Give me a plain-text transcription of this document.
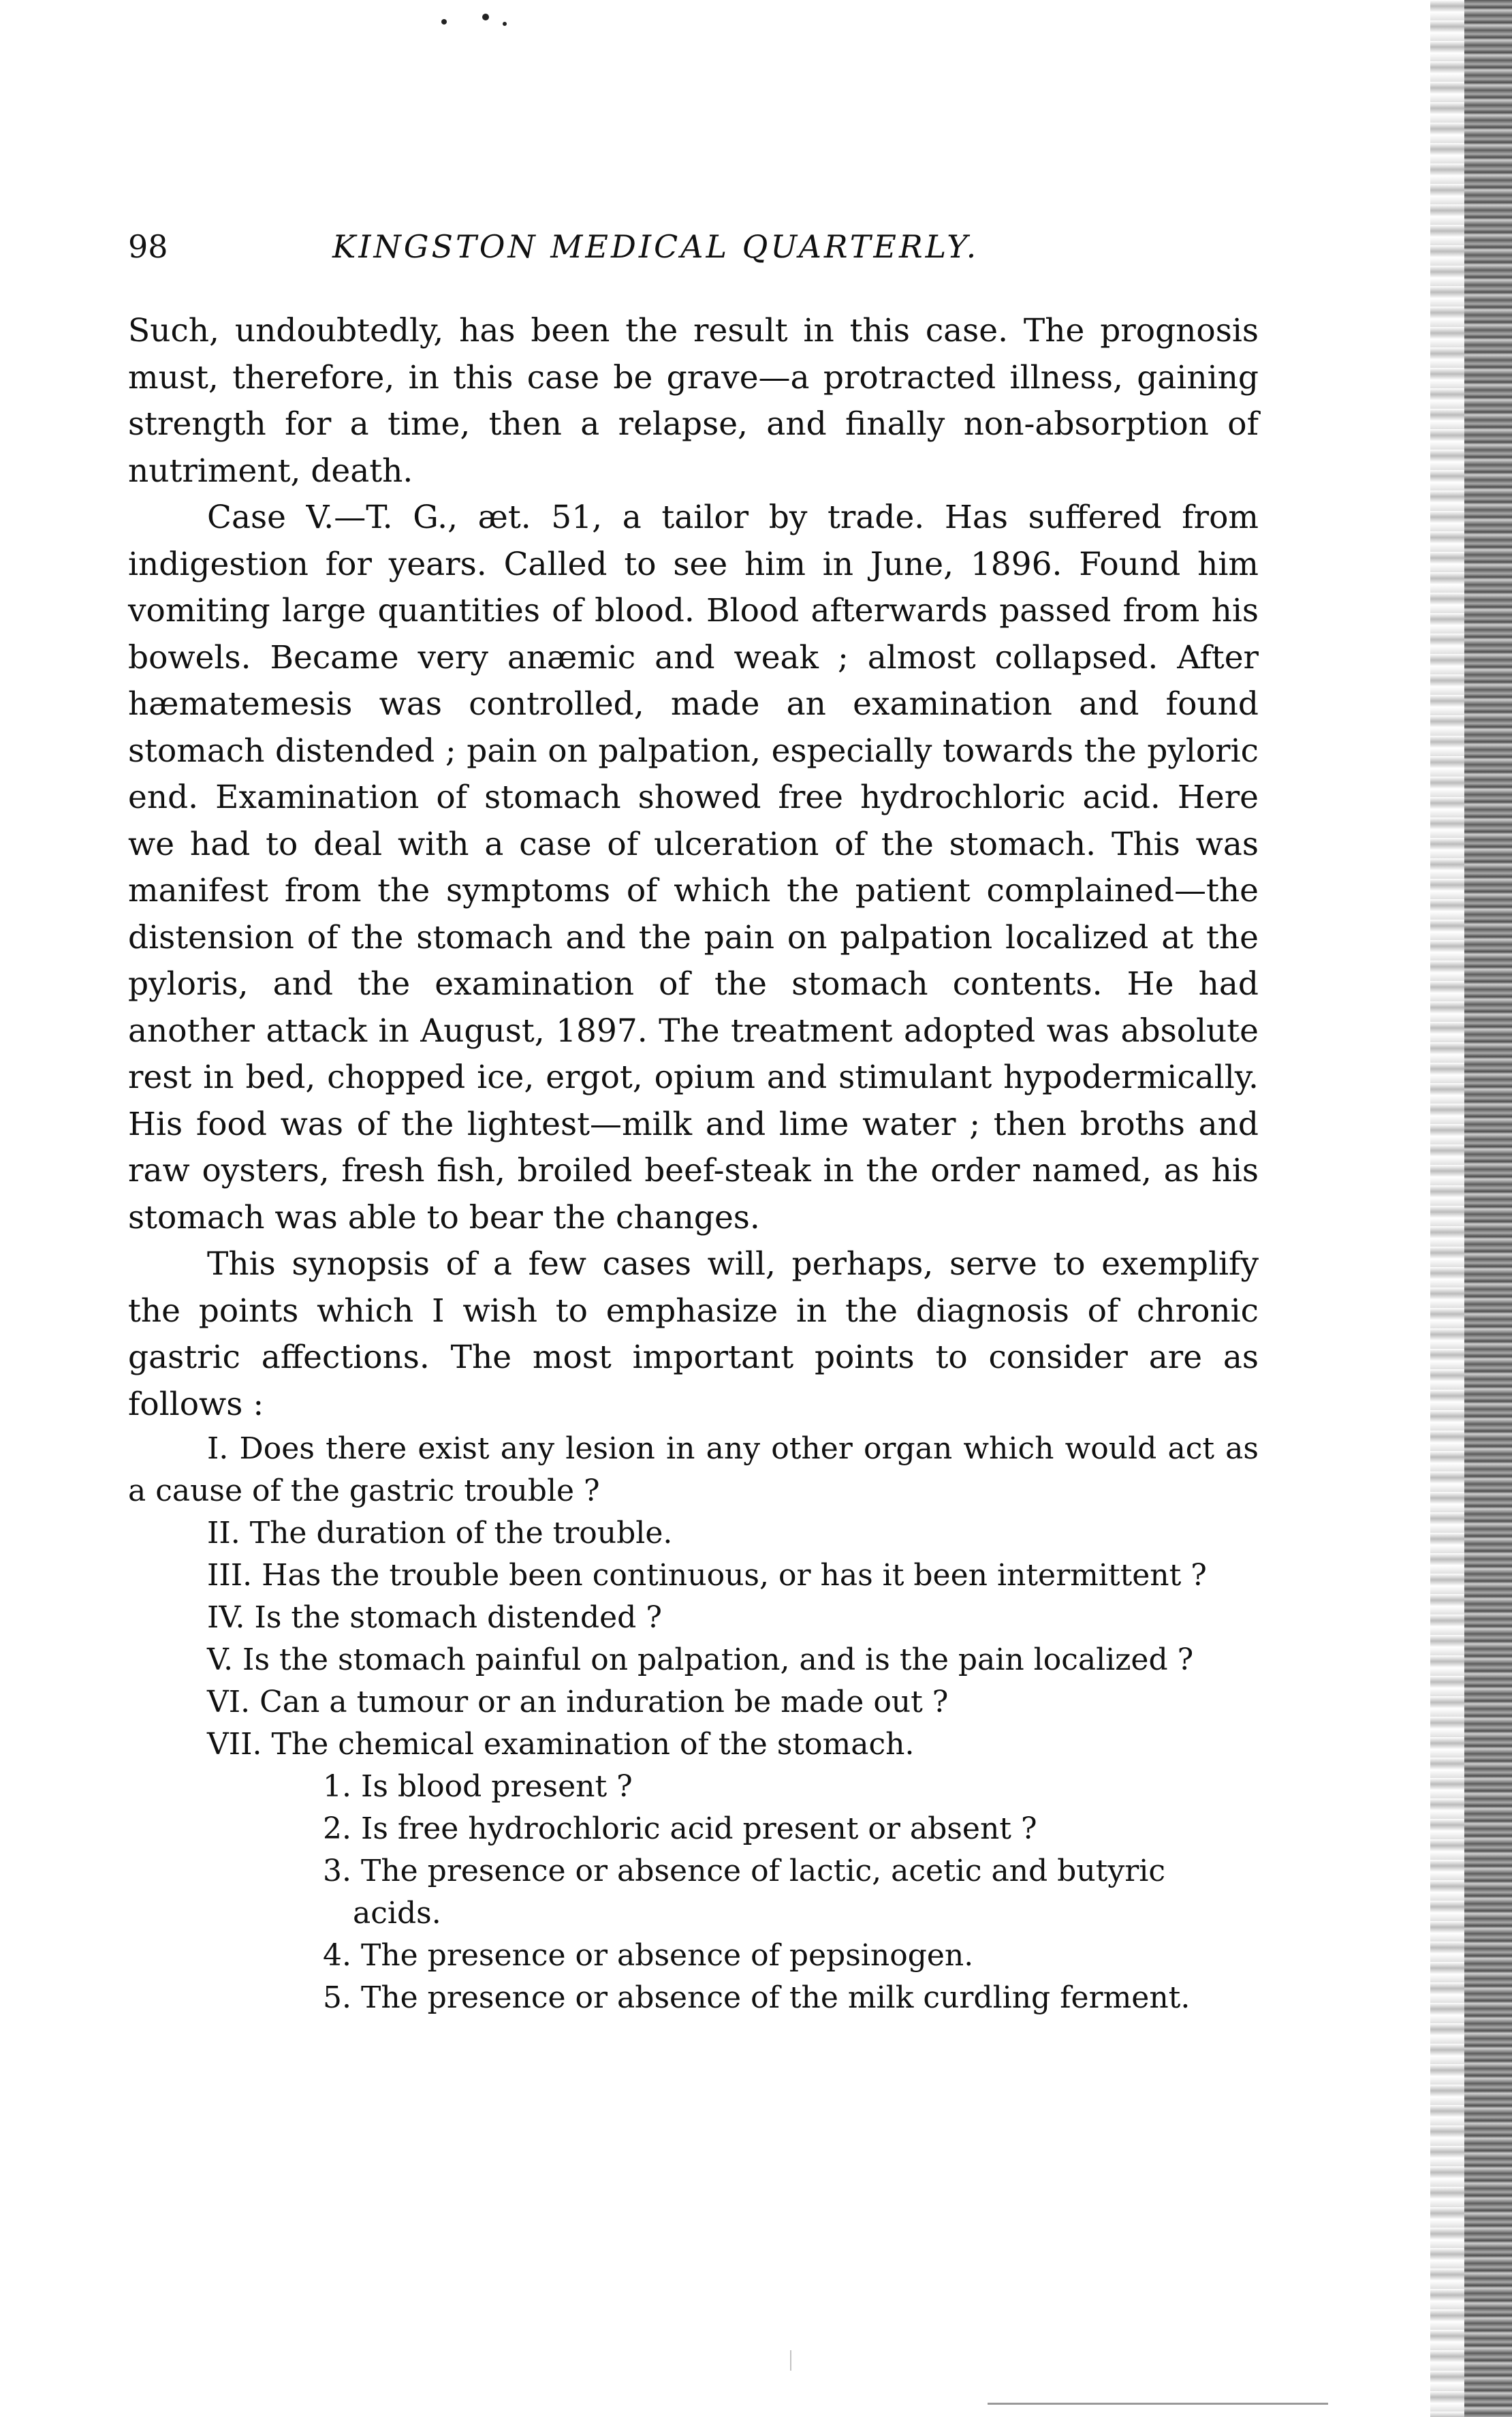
98	KINGSTON MEDICAL QUARTERLY.

Such, undoubtedly, has been the result in this case. The prognosis must, therefore, in this case be grave—a protracted illness, gaining strength for a time, then a relapse, and finally non-absorption of nutriment, death.

Case V.—T. G., æt. 51, a tailor by trade. Has suffered from indigestion for years. Called to see him in June, 1896. Found him vomiting large quantities of blood. Blood afterwards passed from his bowels. Became very anæmic and weak ; almost collapsed. After hæmatemesis was controlled, made an examination and found stomach distended ; pain on palpation, especially towards the pyloric end. Examination of stomach showed free hydrochloric acid. Here we had to deal with a case of ulceration of the stomach. This was manifest from the symptoms of which the patient complained—the distension of the stomach and the pain on palpation localized at the pyloris, and the examination of the stomach contents. He had another attack in August, 1897. The treatment adopted was absolute rest in bed, chopped ice, ergot, opium and stimulant hypodermically. His food was of the lightest—milk and lime water ; then broths and raw oysters, fresh fish, broiled beef-steak in the order named, as his stomach was able to bear the changes.

This synopsis of a few cases will, perhaps, serve to exemplify the points which I wish to emphasize in the diagnosis of chronic gastric affections. The most important points to consider are as follows :

I. Does there exist any lesion in any other organ which would act as a cause of the gastric trouble ?

II. The duration of the trouble.

III. Has the trouble been continuous, or has it been intermittent ?

IV. Is the stomach distended ?

V. Is the stomach painful on palpation, and is the pain localized ?

VI. Can a tumour or an induration be made out ?

VII. The chemical examination of the stomach.

1. Is blood present ?

2. Is free hydrochloric acid present or absent ?

3. The presence or absence of lactic, acetic and butyric acids.

4. The presence or absence of pepsinogen.

5. The presence or absence of the milk curdling ferment.
